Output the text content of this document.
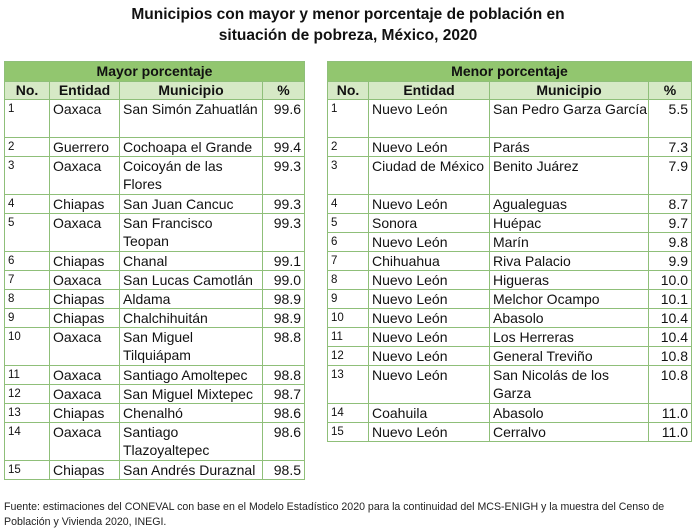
Municipios con mayor y menor porcentaje de población en
situación de pobreza, México, 2020
Mayor porcentaje			
No.	Entidad	Municipio	%
1	Oaxaca	San Simón Zahuatlán	99.6
2	Guerrero	Cochoapa el Grande	99.4
3	Oaxaca	Coicoyán de las Flores	99.3
4	Chiapas	San Juan Cancuc	99.3
5	Oaxaca	San Francisco Teopan	99.3
6	Chiapas	Chanal	99.1
7	Oaxaca	San Lucas Camotlán	99.0
8	Chiapas	Aldama	98.9
9	Chiapas	Chalchihuitán	98.9
10	Oaxaca	San Miguel Tilquiápam	98.8
11	Oaxaca	Santiago Amoltepec	98.8
12	Oaxaca	San Miguel Mixtepec	98.7
13	Chiapas	Chenalhó	98.6
14	Oaxaca	Santiago Tlazoyaltepec	98.6
15	Chiapas	San Andrés Duraznal	98.5
Menor porcentaje			
No.	Entidad	Municipio	%
1	Nuevo León	San Pedro Garza García	5.5
2	Nuevo León	Parás	7.3
3	Ciudad de México	Benito Juárez	7.9
4	Nuevo León	Agualeguas	8.7
5	Sonora	Huépac	9.7
6	Nuevo León	Marín	9.8
7	Chihuahua	Riva Palacio	9.9
8	Nuevo León	Higueras	10.0
9	Nuevo León	Melchor Ocampo	10.1
10	Nuevo León	Abasolo	10.4
11	Nuevo León	Los Herreras	10.4
12	Nuevo León	General Treviño	10.8
13	Nuevo León	San Nicolás de los Garza	10.8
14	Coahuila	Abasolo	11.0
15	Nuevo León	Cerralvo	11.0
Fuente: estimaciones del CONEVAL con base en el Modelo Estadístico 2020 para la continuidad del MCS-ENIGH y la muestra del Censo de Población y Vivienda 2020, INEGI.
